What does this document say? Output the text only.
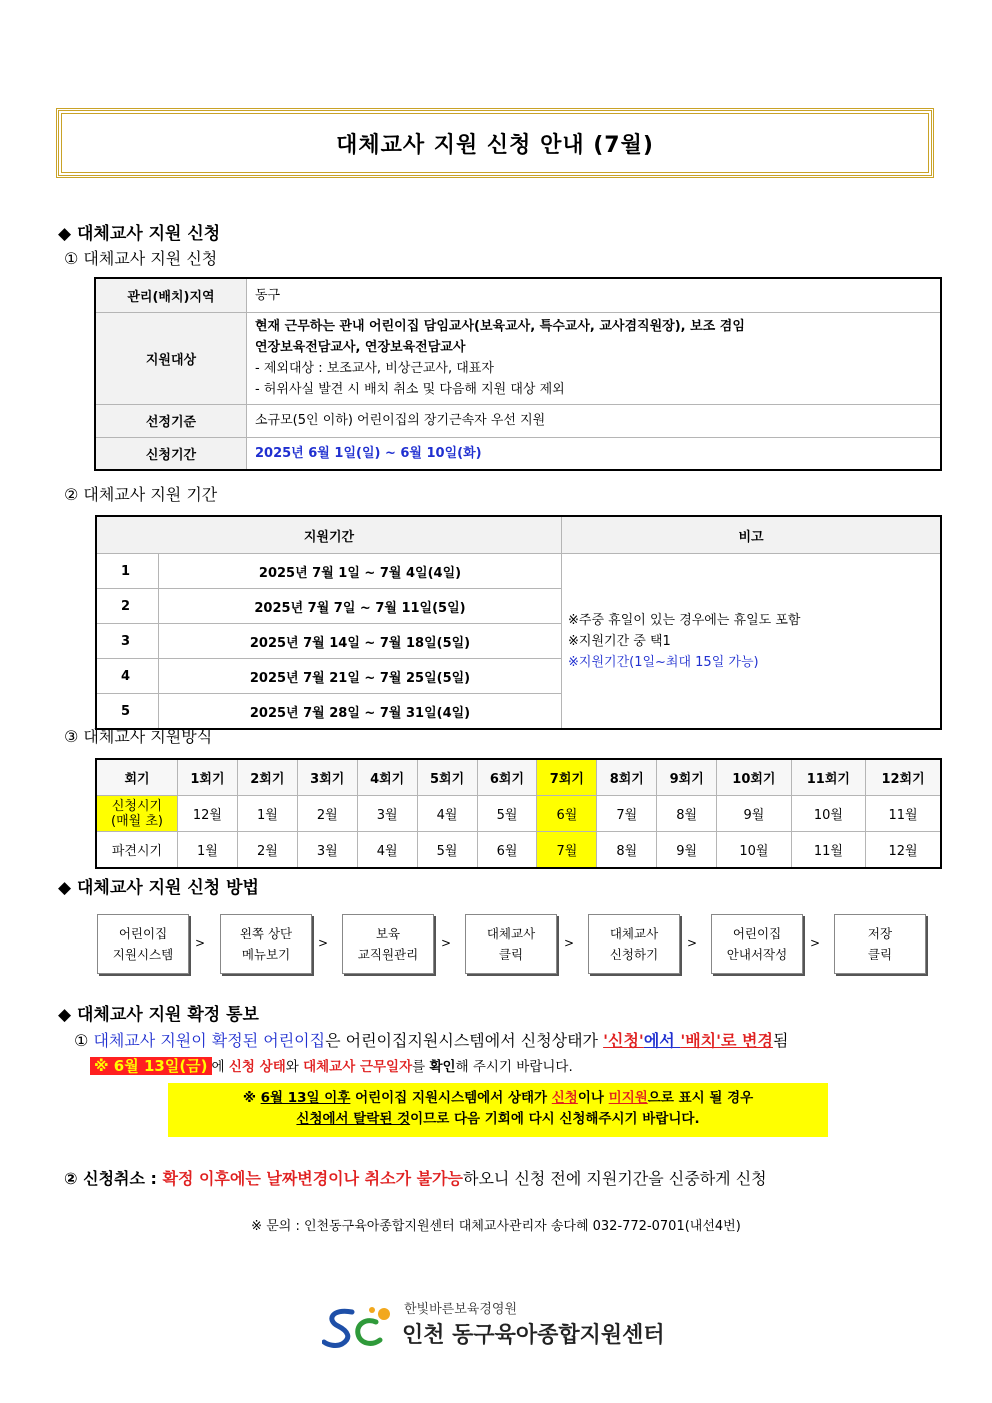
대체교사 지원 신청 안내 (7월)
◆ 대체교사 지원 신청
① 대체교사 지원 신청
관리(배치)지역	동구
지원대상	현재 근무하는 관내 어린이집 담임교사(보육교사, 특수교사, 교사겸직원장), 보조 겸임
연장보육전담교사, 연장보육전담교사
- 제외대상 : 보조교사, 비상근교사, 대표자
- 허위사실 발견 시 배치 취소 및 다음해 지원 대상 제외

선정기준	소규모(5인 이하) 어린이집의 장기근속자 우선 지원
신청기간	2025년 6월 1일(일) ~ 6월 10일(화)
② 대체교사 지원 기간
지원기간		비고
1	2025년 7월 1일 ~ 7월 4일(4일)	※주중 휴일이 있는 경우에는 휴일도 포함
※지원기간 중 택1
※지원기간(1일~최대 15일 가능)

2	2025년 7월 7일 ~ 7월 11일(5일)	
3	2025년 7월 14일 ~ 7월 18일(5일)	
4	2025년 7월 21일 ~ 7월 25일(5일)	
5	2025년 7월 28일 ~ 7월 31일(4일)	
③ 대체교사 지원방식
회기	1회기	2회기	3회기	4회기	5회기	6회기	7회기	8회기	9회기	10회기	11회기	12회기

신청시기
(매월 초)	12월	1월	2월	3월	4월	5월	6월	7월	8월	9월	10월	11월
파견시기	1월	2월	3월	4월	5월	6월	7월	8월	9월	10월	11월	12월
◆ 대체교사 지원 신청 방법
어린이집
지원시스템
>
왼쪽 상단
메뉴보기
>
보육
교직원관리
>
대체교사
클릭
>
대체교사
신청하기
>
어린이집
안내서작성
>
저장
클릭
◆ 대체교사 지원 확정 통보
① 대체교사 지원이 확정된 어린이집은 어린이집지원시스템에서 신청상태가 '신청'에서 '배치'로 변경됨
※ 6월 13일(금) 에 신청 상태와 대체교사 근무일자를 확인해 주시기 바랍니다.
※ 6월 13일 이후 어린이집 지원시스템에서 상태가 신청이나 미지원으로 표시 될 경우
신청에서 탈락된 것이므로 다음 기회에 다시 신청해주시기 바랍니다.
② 신청취소 : 확정 이후에는 날짜변경이나 취소가 불가능하오니 신청 전에 지원기간을 신중하게 신청
※ 문의 : 인천동구육아종합지원센터 대체교사관리자 송다혜 032-772-0701(내선4번)
한빛바른보육경영원
인천 동구육아종합지원센터
